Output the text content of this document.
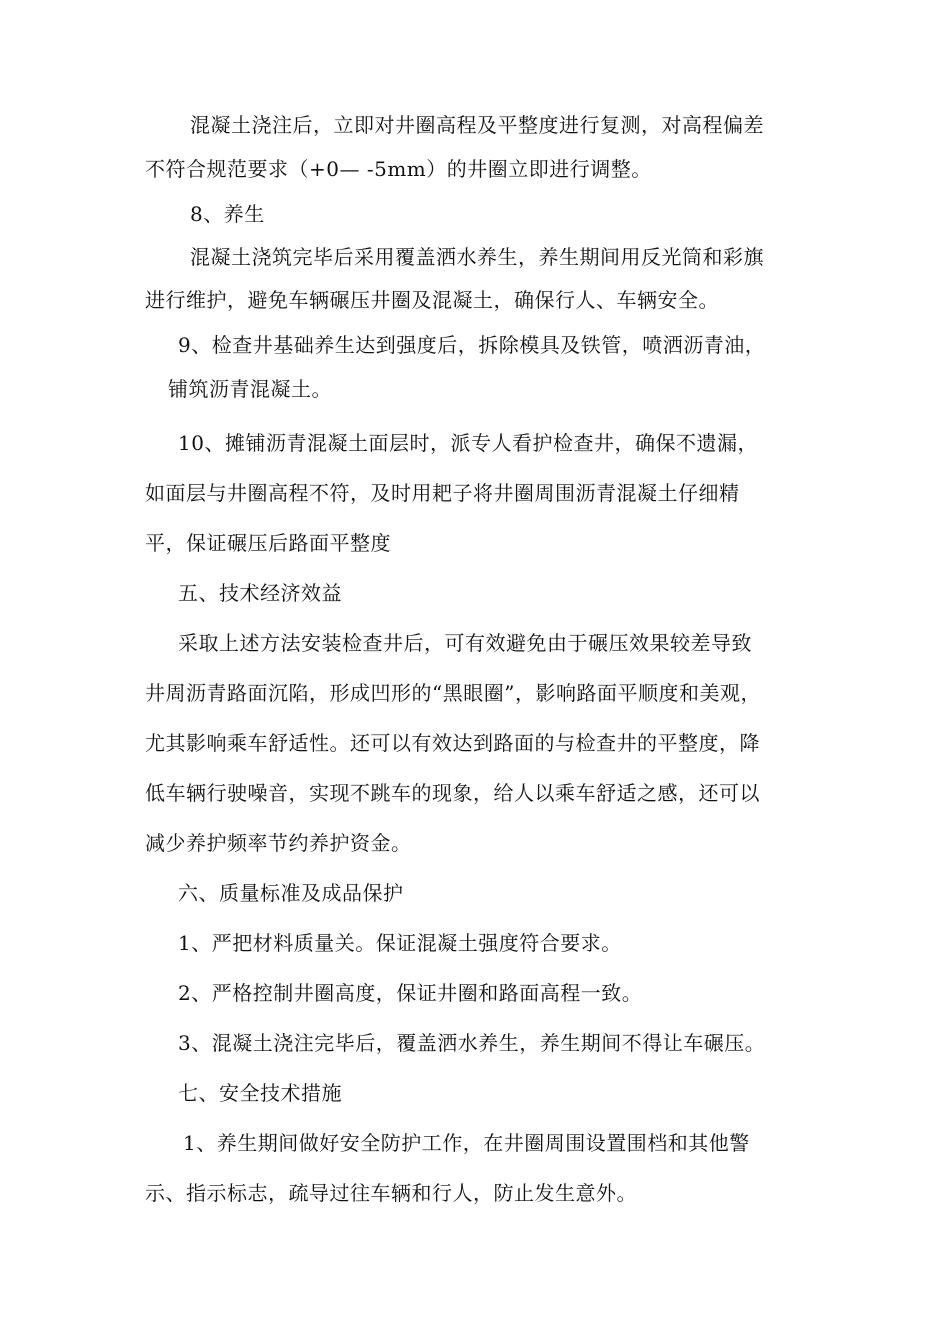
混凝土浇注后，立即对井圈高程及平整度进行复测，对高程偏差
不符合规范要求（+0— -5mm）的井圈立即进行调整。
8、养生
混凝土浇筑完毕后采用覆盖洒水养生，养生期间用反光筒和彩旗
进行维护，避免车辆碾压井圈及混凝土，确保行人、车辆安全。
9、检查井基础养生达到强度后，拆除模具及铁管，喷洒沥青油，
铺筑沥青混凝土。
10、摊铺沥青混凝土面层时，派专人看护检查井，确保不遗漏，
如面层与井圈高程不符，及时用耙子将井圈周围沥青混凝土仔细精
平，保证碾压后路面平整度
五、技术经济效益
采取上述方法安装检查井后，可有效避免由于碾压效果较差导致
井周沥青路面沉陷，形成凹形的“黑眼圈”，影响路面平顺度和美观，
尤其影响乘车舒适性。还可以有效达到路面的与检查井的平整度，降
低车辆行驶噪音，实现不跳车的现象，给人以乘车舒适之感，还可以
减少养护频率节约养护资金。
六、质量标准及成品保护
1、严把材料质量关。保证混凝土强度符合要求。
2、严格控制井圈高度，保证井圈和路面高程一致。
3、混凝土浇注完毕后，覆盖洒水养生，养生期间不得让车碾压。
七、安全技术措施
1、养生期间做好安全防护工作，在井圈周围设置围档和其他警
示、指示标志，疏导过往车辆和行人，防止发生意外。
